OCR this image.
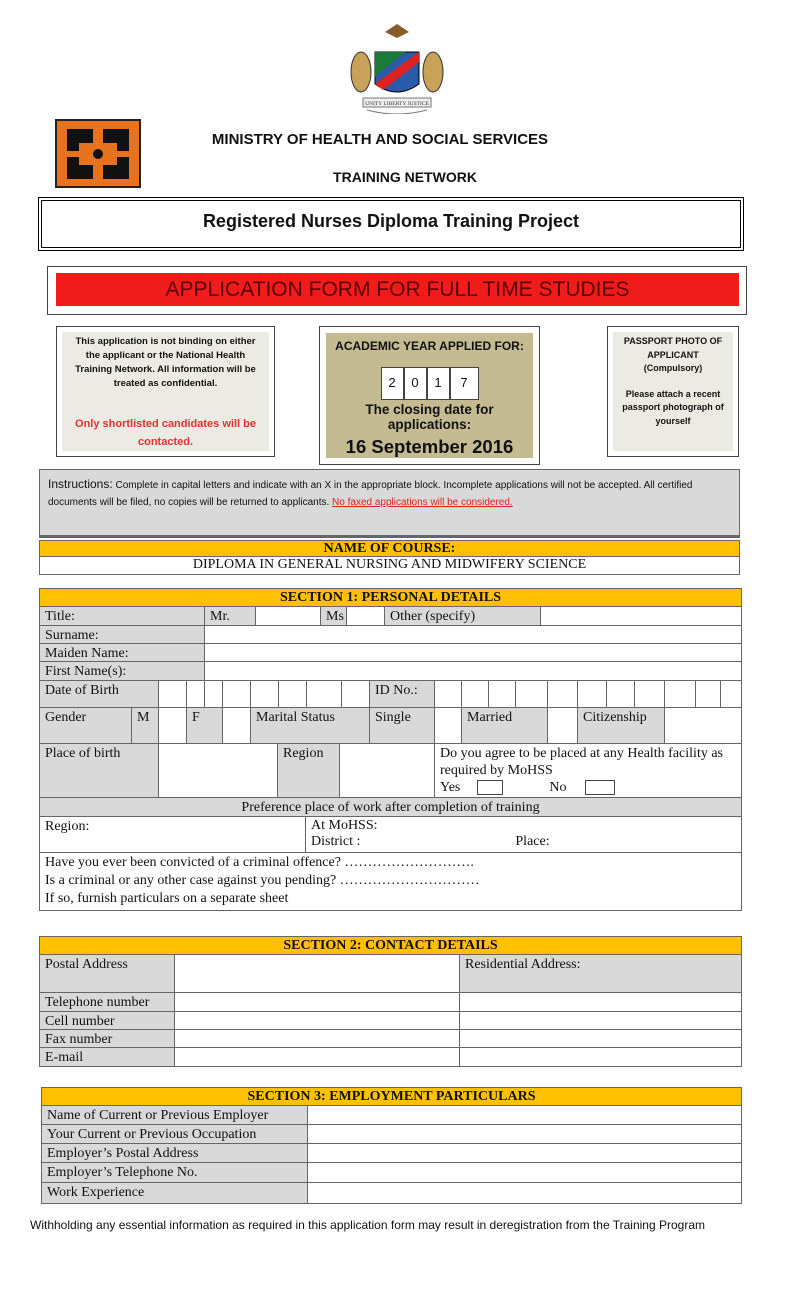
UNITY LIBERTY JUSTICE
MINISTRY OF HEALTH AND SOCIAL SERVICES
TRAINING NETWORK
Registered Nurses Diploma Training Project
APPLICATION FORM FOR FULL TIME STUDIES
This application is not binding on either the applicant or the National Health Training Network. All information will be treated as confidential.
Only shortlisted candidates will be contacted.
ACADEMIC YEAR APPLIED FOR:
2	0	1	7
The closing date for applications:
16 September 2016
PASSPORT PHOTO OF APPLICANT
(Compulsory)
Please attach a recent passport photograph of yourself
Instructions: Complete in capital letters and indicate with an X in the appropriate block. Incomplete applications will not be accepted. All certified documents will be filed, no copies will be returned to applicants. No faxed applications will be considered.
NAME OF COURSE:
DIPLOMA IN GENERAL NURSING AND MIDWIFERY SCIENCE
SECTION 1: PERSONAL DETAILS
Title:	Mr.	Ms	Other (specify)
Surname:
Maiden Name:
First Name(s):
Date of Birth	ID No.:
Gender	M	F	Marital Status	Single	Married	Citizenship
Place of birth	Region	Do you agree to be placed at any Health facility as required by MoHSS
Yes	No
Preference place of work after completion of training
Region:	At MoHSS:
District :	Place:
Have you ever been convicted of a criminal offence? ……………………….
Is a criminal or any other case against you pending? …………………………
If so, furnish particulars on a separate sheet
SECTION 2: CONTACT DETAILS
Postal Address	Residential Address:
Telephone number
Cell number
Fax number
E-mail
SECTION 3: EMPLOYMENT PARTICULARS
Name of Current or Previous Employer
Your Current or Previous Occupation
Employer’s Postal Address
Employer’s Telephone No.
Work Experience
Withholding any essential information as required in this application form may result in deregistration from the Training Program
